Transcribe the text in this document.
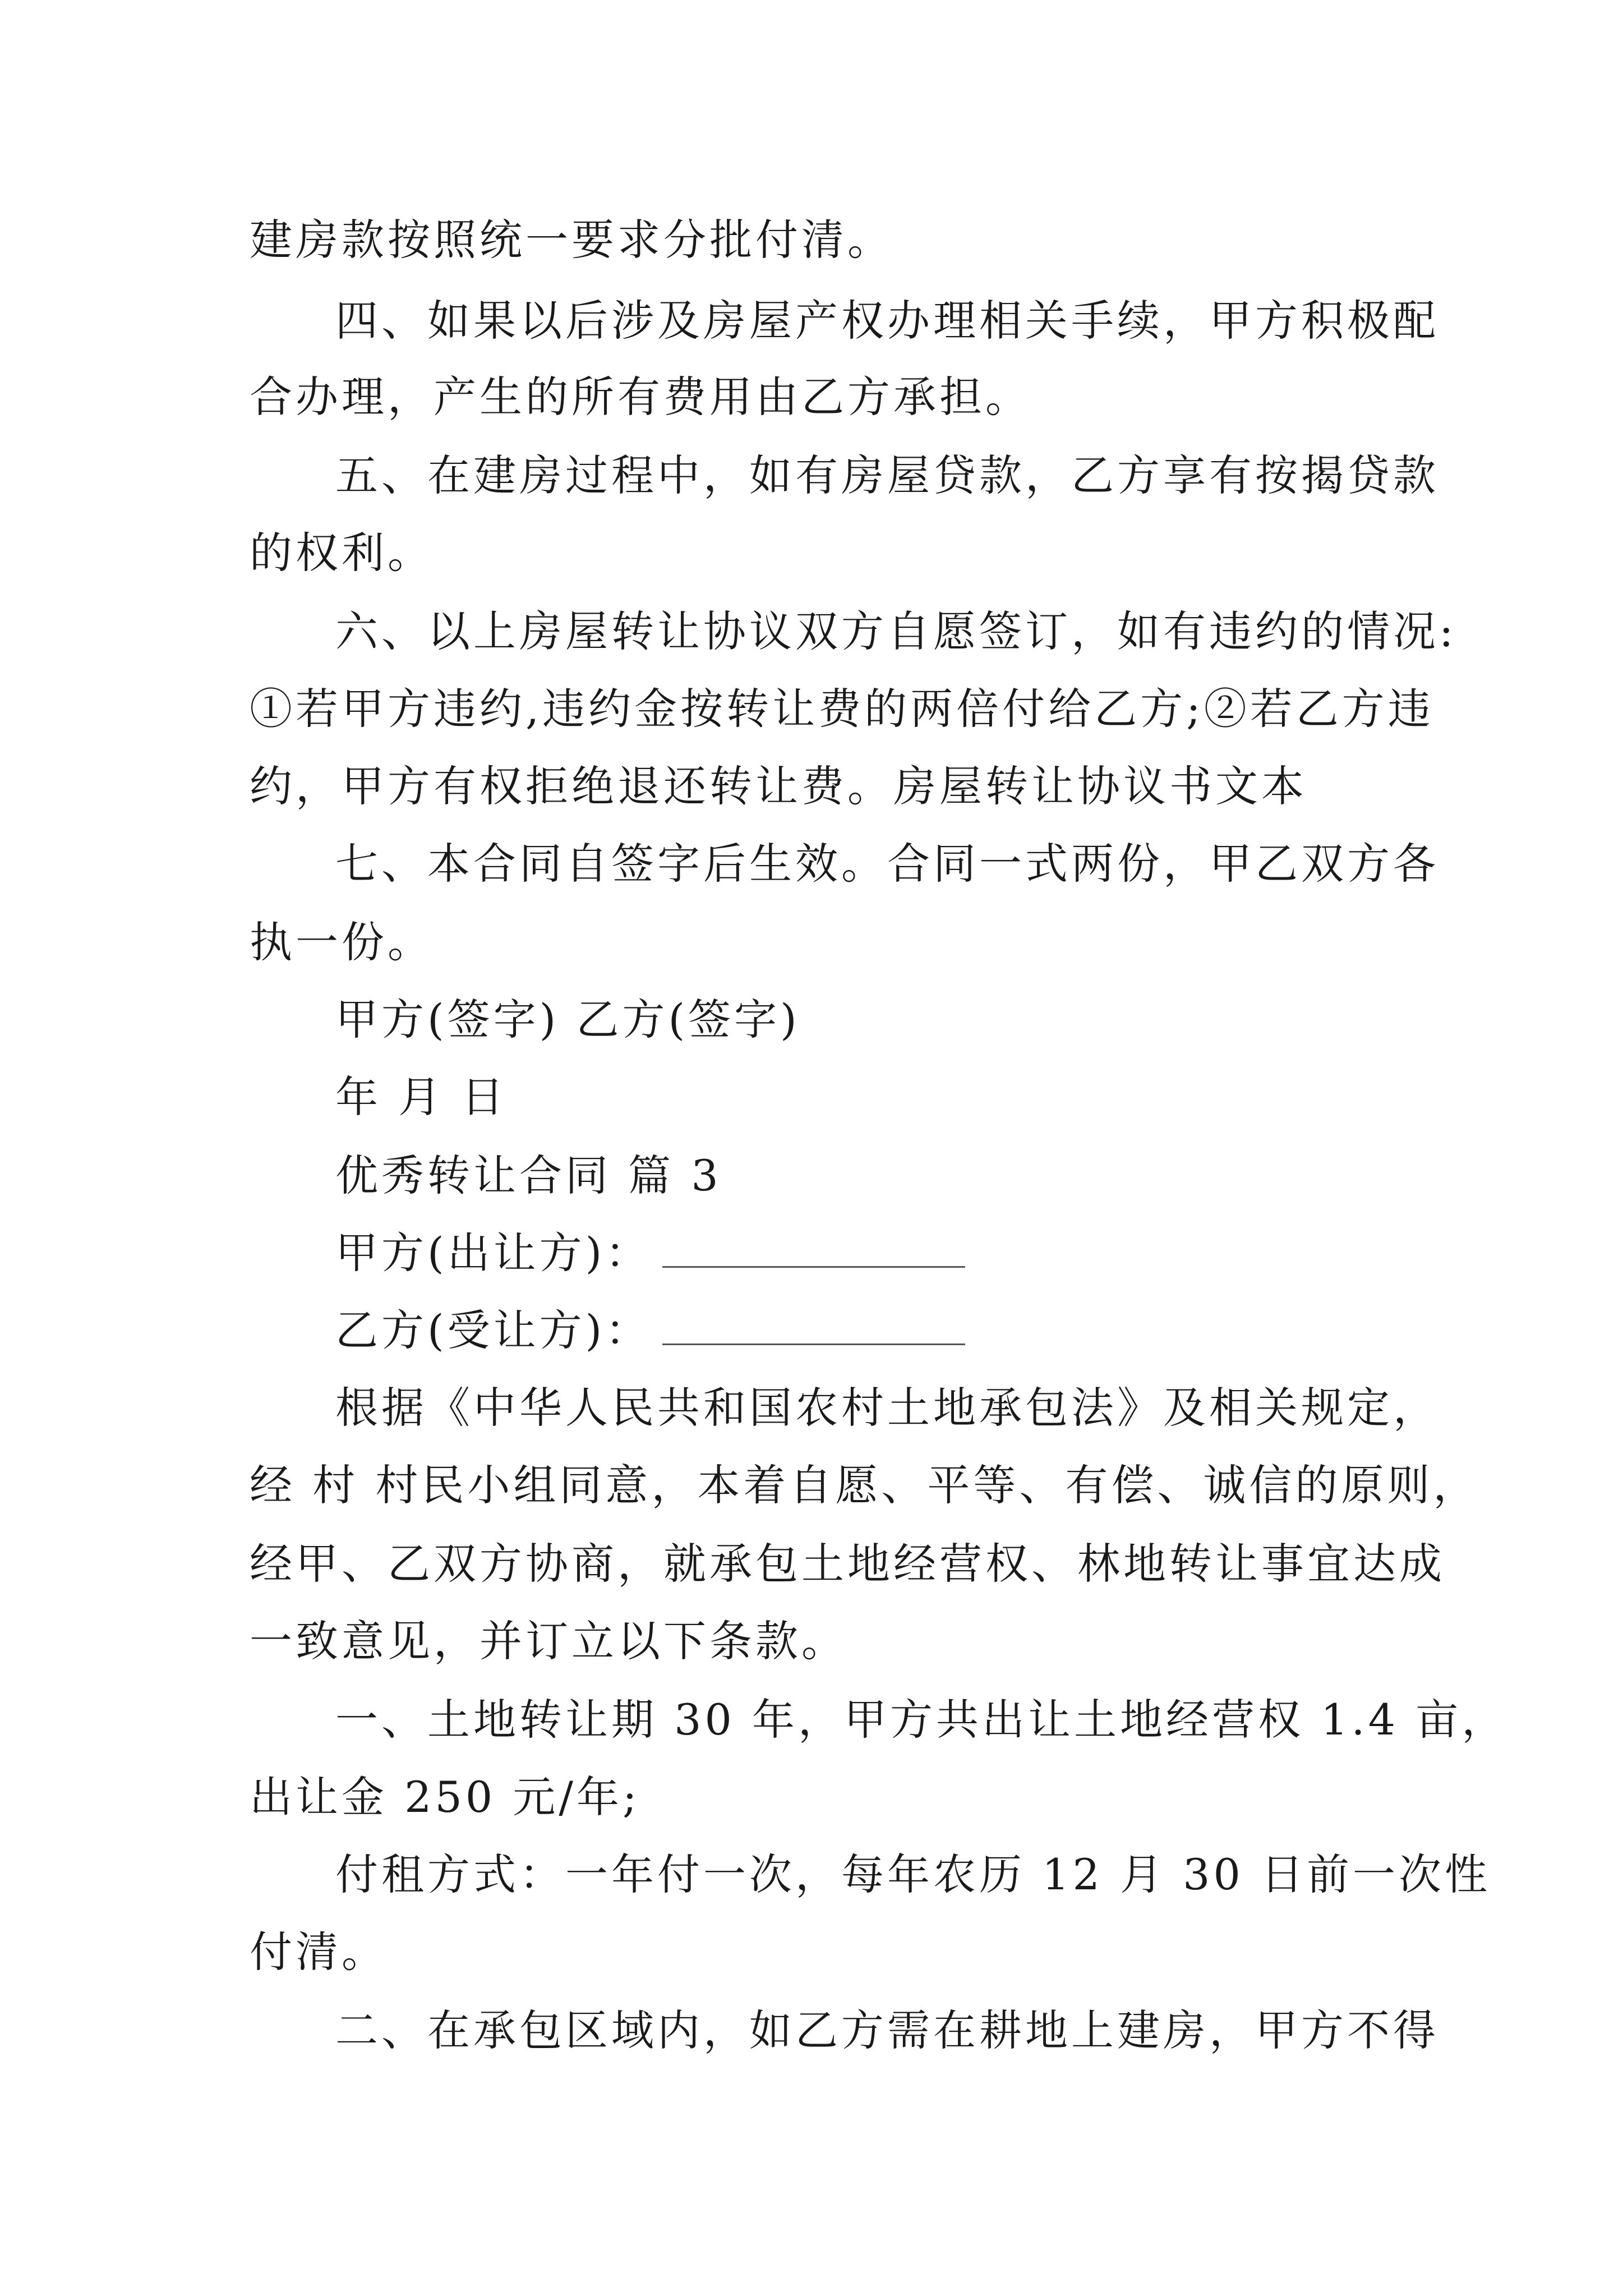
建房款按照统一要求分批付清。
四、如果以后涉及房屋产权办理相关手续，甲方积极配
合办理，产生的所有费用由乙方承担。
五、在建房过程中，如有房屋贷款，乙方享有按揭贷款
的权利。
六、以上房屋转让协议双方自愿签订，如有违约的情况:
①若甲方违约,违约金按转让费的两倍付给乙方;②若乙方违
约，甲方有权拒绝退还转让费。房屋转让协议书文本
七、本合同自签字后生效。合同一式两份，甲乙双方各
执一份。
甲方(签字) 乙方(签字)
年 月 日
优秀转让合同 篇 3
甲方(出让方)：
乙方(受让方)：
根据《中华人民共和国农村土地承包法》及相关规定，
经 村 村民小组同意，本着自愿、平等、有偿、诚信的原则，
经甲、乙双方协商，就承包土地经营权、林地转让事宜达成
一致意见，并订立以下条款。
一、土地转让期 30 年，甲方共出让土地经营权 1.4 亩，
出让金 250 元/年;
付租方式：一年付一次，每年农历 12 月 30 日前一次性
付清。
二、在承包区域内，如乙方需在耕地上建房，甲方不得
